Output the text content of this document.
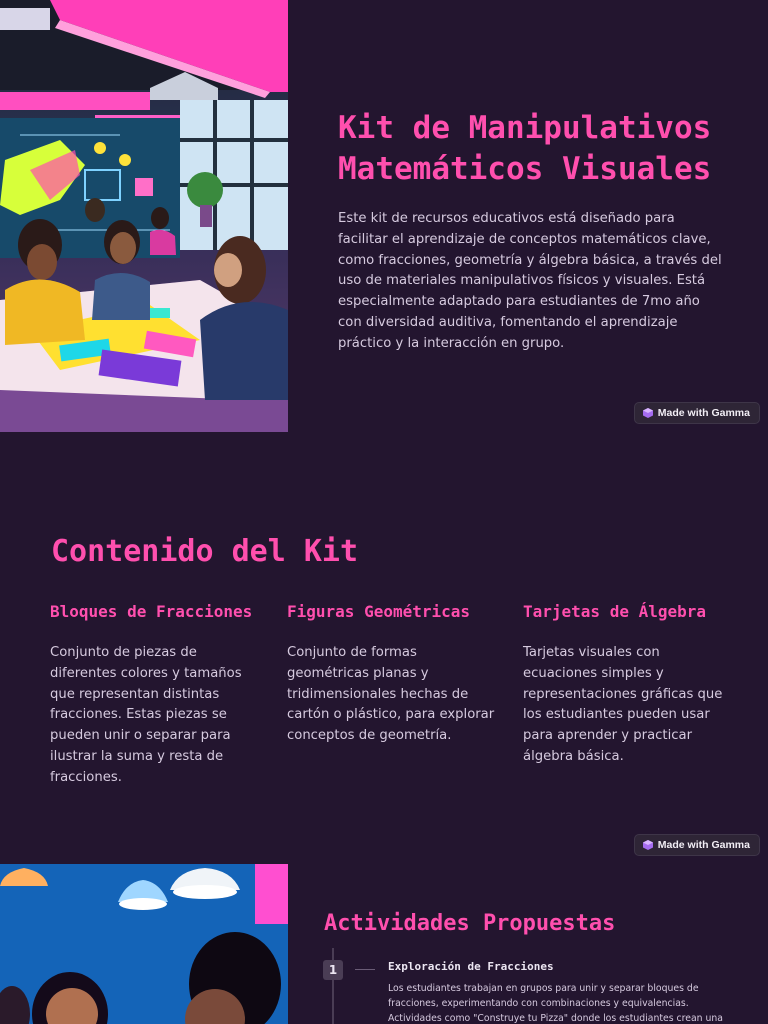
Kit de Manipulativos Matemáticos Visuales

Este kit de recursos educativos está diseñado para facilitar el aprendizaje de conceptos matemáticos clave, como fracciones, geometría y álgebra básica, a través del uso de materiales manipulativos físicos y visuales. Está especialmente adaptado para estudiantes de 7mo año con diversidad auditiva, fomentando el aprendizaje práctico y la interacción en grupo.

Made with Gamma
Contenido del Kit
Bloques de Fracciones

Conjunto de piezas de diferentes colores y tamaños que representan distintas fracciones. Estas piezas se pueden unir o separar para ilustrar la suma y resta de fracciones.

Figuras Geométricas

Conjunto de formas geométricas planas y tridimensionales hechas de cartón o plástico, para explorar conceptos de geometría.

Tarjetas de Álgebra

Tarjetas visuales con ecuaciones simples y representaciones gráficas que los estudiantes pueden usar para aprender y practicar álgebra básica.

Made with Gamma
Actividades Propuestas
1	Exploración de Fracciones

Los estudiantes trabajan en grupos para unir y separar bloques de fracciones, experimentando con combinaciones y equivalencias. Actividades como "Construye tu Pizza" donde los estudiantes crean una
